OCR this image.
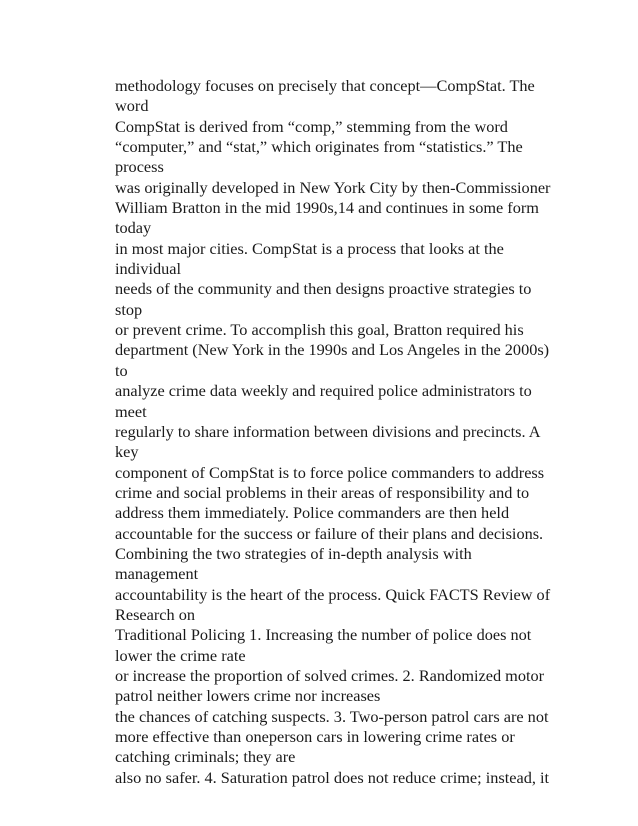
methodology focuses on precisely that concept—CompStat. The
word
CompStat is derived from “comp,” stemming from the word
“computer,” and “stat,” which originates from “statistics.” The
process
was originally developed in New York City by then-Commissioner
William Bratton in the mid 1990s,14 and continues in some form
today
in most major cities. CompStat is a process that looks at the
individual
needs of the community and then designs proactive strategies to
stop
or prevent crime. To accomplish this goal, Bratton required his
department (New York in the 1990s and Los Angeles in the 2000s)
to
analyze crime data weekly and required police administrators to
meet
regularly to share information between divisions and precincts. A
key
component of CompStat is to force police commanders to address
crime and social problems in their areas of responsibility and to
address them immediately. Police commanders are then held
accountable for the success or failure of their plans and decisions.
Combining the two strategies of in-depth analysis with
management
accountability is the heart of the process. Quick FACTS Review of
Research on
Traditional Policing 1. Increasing the number of police does not
lower the crime rate
or increase the proportion of solved crimes. 2. Randomized motor
patrol neither lowers crime nor increases
the chances of catching suspects. 3. Two-person patrol cars are not
more effective than oneperson cars in lowering crime rates or
catching criminals; they are
also no safer. 4. Saturation patrol does not reduce crime; instead, it
